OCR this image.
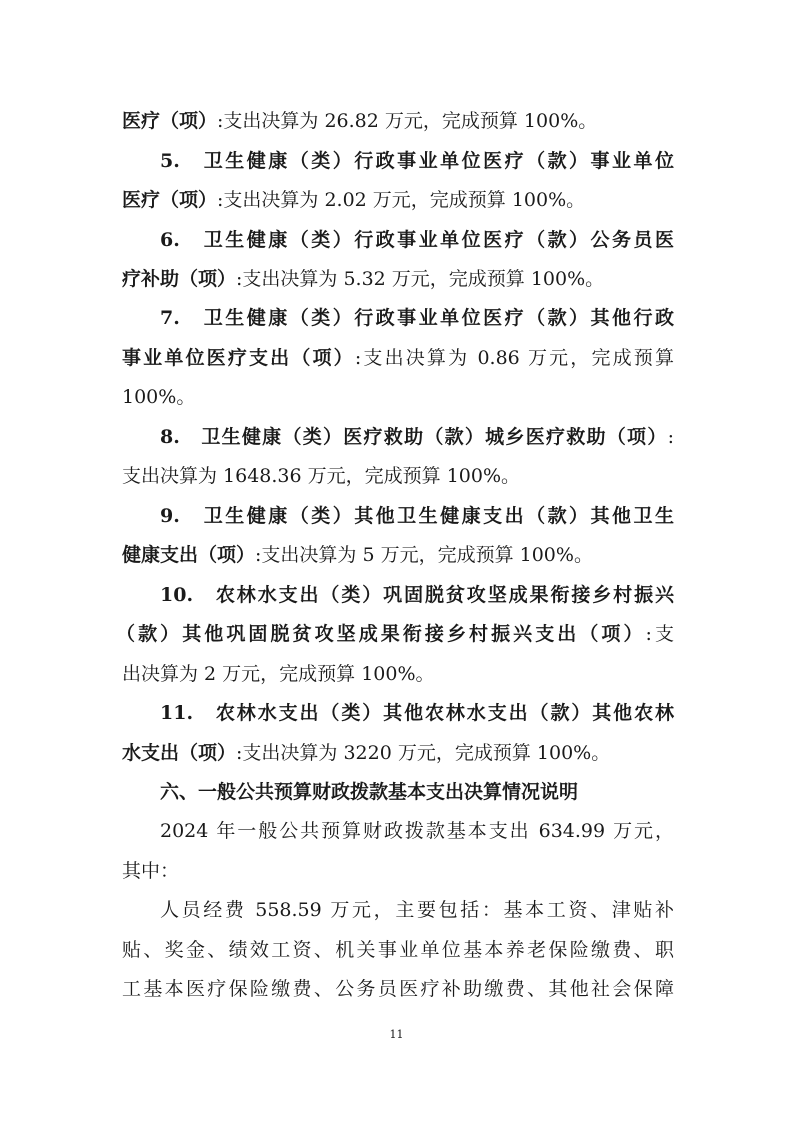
医疗（项）:支出决算为 26.82 万元，完成预算 100%。
5.　卫生健康（类）行政事业单位医疗（款）事业单位
医疗（项）:支出决算为 2.02 万元，完成预算 100%。
6.　卫生健康（类）行政事业单位医疗（款）公务员医
疗补助（项）:支出决算为 5.32 万元，完成预算 100%。
7.　卫生健康（类）行政事业单位医疗（款）其他行政
事业单位医疗支出（项）:支出决算为 0.86 万元，完成预算
100%。
8.　卫生健康（类）医疗救助（款）城乡医疗救助（项）:
支出决算为 1648.36 万元，完成预算 100%。
9.　卫生健康（类）其他卫生健康支出（款）其他卫生
健康支出（项）:支出决算为 5 万元，完成预算 100%。
10.　农林水支出（类）巩固脱贫攻坚成果衔接乡村振兴
（款）其他巩固脱贫攻坚成果衔接乡村振兴支出（项）:支
出决算为 2 万元，完成预算 100%。
11.　农林水支出（类）其他农林水支出（款）其他农林
水支出（项）:支出决算为 3220 万元，完成预算 100%。
六、一般公共预算财政拨款基本支出决算情况说明
2024 年一般公共预算财政拨款基本支出 634.99 万元，
其中：
人员经费 558.59 万元，主要包括：基本工资、津贴补
贴、奖金、绩效工资、机关事业单位基本养老保险缴费、职
工基本医疗保险缴费、公务员医疗补助缴费、其他社会保障
11
